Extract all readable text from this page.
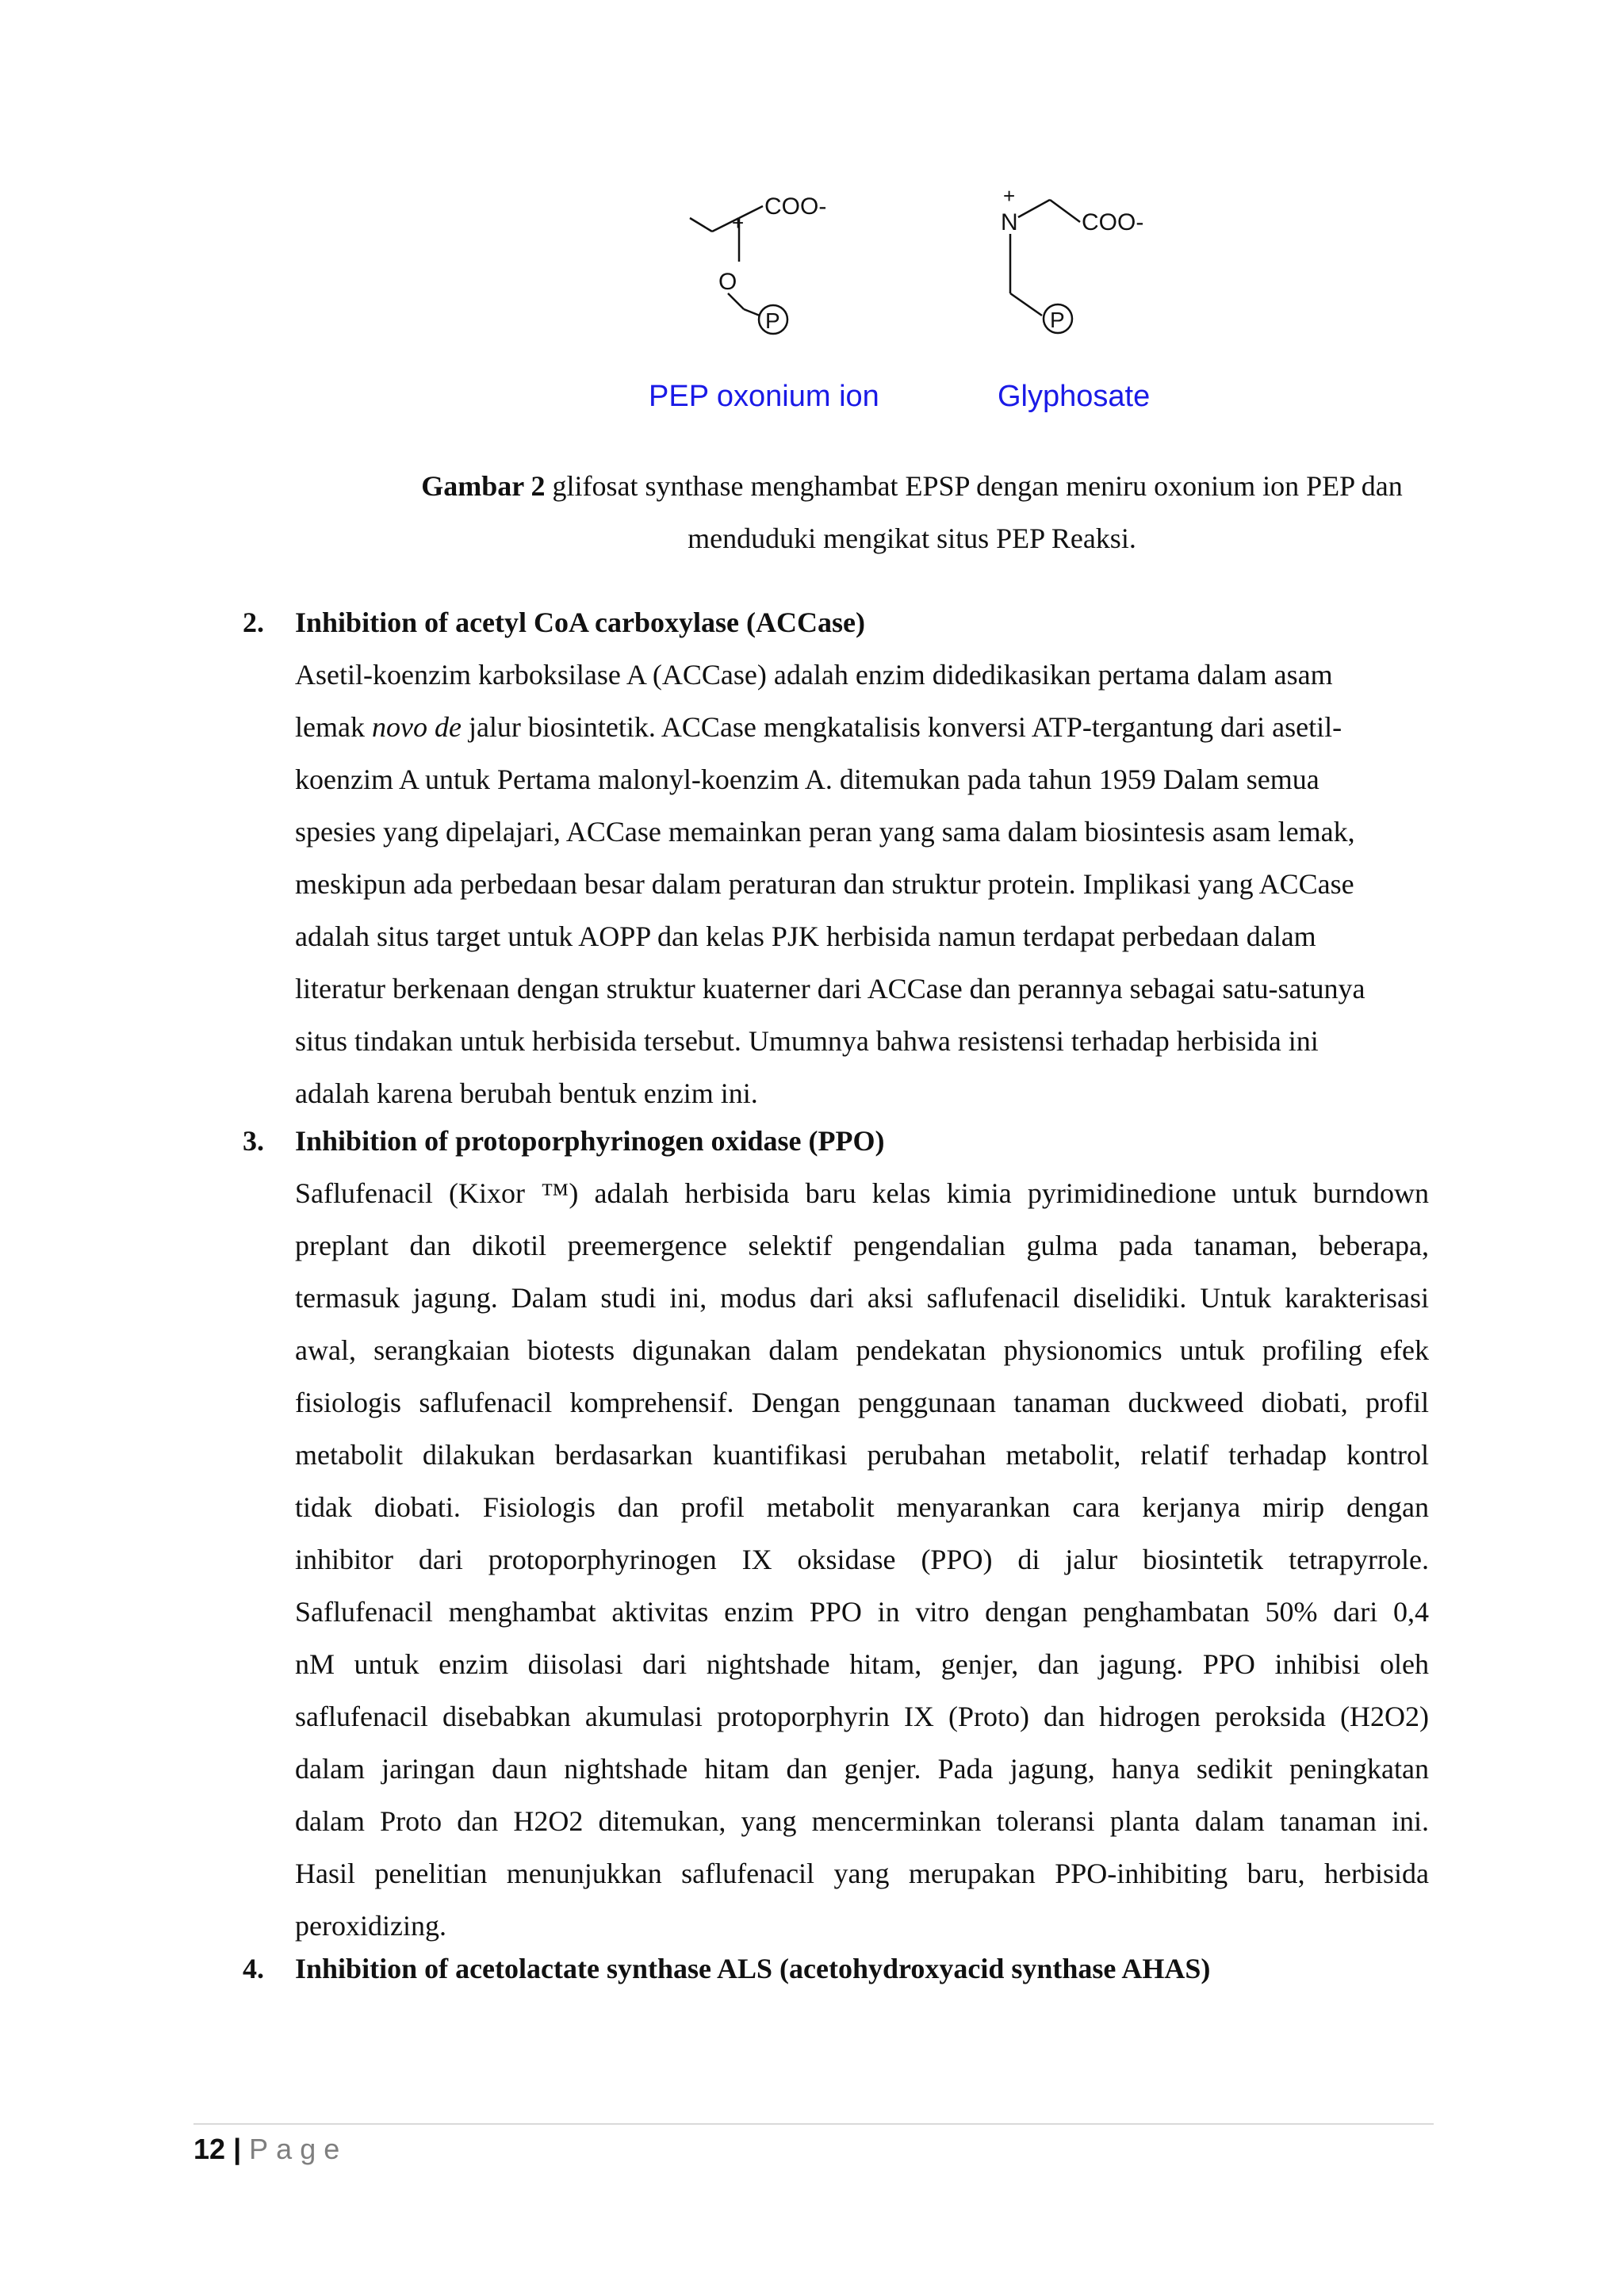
+
COO-
O
P
PEP oxonium ion
+
N	COO-
P
Glyphosate
Gambar 2 glifosat synthase menghambat EPSP dengan meniru oxonium ion PEP dan
menduduki mengikat situs PEP Reaksi.
2.	Inhibition of acetyl CoA carboxylase (ACCase)
Asetil-koenzim karboksilase A (ACCase) adalah enzim didedikasikan pertama dalam asam
lemak novo de jalur biosintetik. ACCase mengkatalisis konversi ATP-tergantung dari asetil-
koenzim A untuk Pertama malonyl-koenzim A. ditemukan pada tahun 1959 Dalam semua
spesies yang dipelajari, ACCase memainkan peran yang sama dalam biosintesis asam lemak,
meskipun ada perbedaan besar dalam peraturan dan struktur protein. Implikasi yang ACCase
adalah situs target untuk AOPP dan kelas PJK herbisida namun terdapat perbedaan dalam
literatur berkenaan dengan struktur kuaterner dari ACCase dan perannya sebagai satu-satunya
situs tindakan untuk herbisida tersebut. Umumnya bahwa resistensi terhadap herbisida ini
adalah karena berubah bentuk enzim ini.
3.	Inhibition of protoporphyrinogen oxidase (PPO)
Saflufenacil (Kixor ™) adalah herbisida baru kelas kimia pyrimidinedione untuk burndown
preplant dan dikotil preemergence selektif pengendalian gulma pada tanaman, beberapa,
termasuk jagung. Dalam studi ini, modus dari aksi saflufenacil diselidiki. Untuk karakterisasi
awal, serangkaian biotests digunakan dalam pendekatan physionomics untuk profiling efek
fisiologis saflufenacil komprehensif. Dengan penggunaan tanaman duckweed diobati, profil
metabolit dilakukan berdasarkan kuantifikasi perubahan metabolit, relatif terhadap kontrol
tidak diobati. Fisiologis dan profil metabolit menyarankan cara kerjanya mirip dengan
inhibitor dari protoporphyrinogen IX oksidase (PPO) di jalur biosintetik tetrapyrrole.
Saflufenacil menghambat aktivitas enzim PPO in vitro dengan penghambatan 50% dari 0,4
nM untuk enzim diisolasi dari nightshade hitam, genjer, dan jagung. PPO inhibisi oleh
saflufenacil disebabkan akumulasi protoporphyrin IX (Proto) dan hidrogen peroksida (H2O2)
dalam jaringan daun nightshade hitam dan genjer. Pada jagung, hanya sedikit peningkatan
dalam Proto dan H2O2 ditemukan, yang mencerminkan toleransi planta dalam tanaman ini.
Hasil penelitian menunjukkan saflufenacil yang merupakan PPO-inhibiting baru, herbisida
peroxidizing.
4.	Inhibition of acetolactate synthase ALS (acetohydroxyacid synthase AHAS)
12 | Page
